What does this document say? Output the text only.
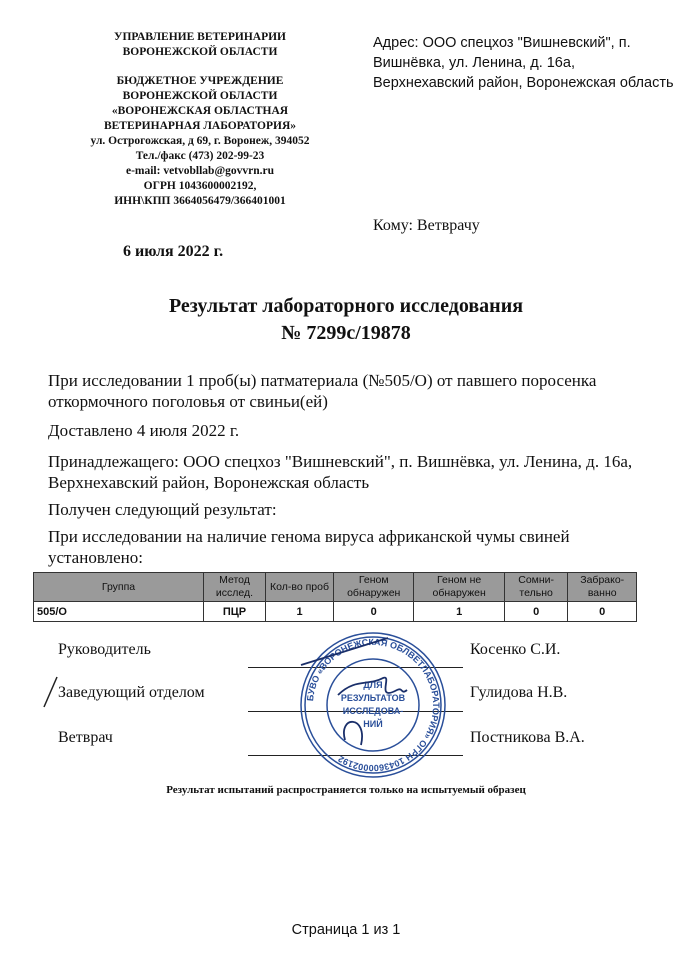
УПРАВЛЕНИЕ ВЕТЕРИНАРИИ
ВОРОНЕЖСКОЙ ОБЛАСТИ
БЮДЖЕТНОЕ УЧРЕЖДЕНИЕ
ВОРОНЕЖСКОЙ ОБЛАСТИ
«ВОРОНЕЖСКАЯ ОБЛАСТНАЯ
ВЕТЕРИНАРНАЯ ЛАБОРАТОРИЯ»
ул. Острогожская, д 69, г. Воронеж, 394052
Тел./факс (473) 202-99-23
e-mail: vetvobllab@govvrn.ru
ОГРН 1043600002192,
ИНН\КПП 3664056479/366401001
Адрес: ООО спецхоз "Вишневский", п. Вишнёвка, ул. Ленина, д. 16а, Верхнехавский район, Воронежская область
Кому: Ветврачу
6 июля 2022 г.
Результат лабораторного исследования
№ 7299с/19878
При исследовании 1 проб(ы) патматериала (№505/О) от павшего поросенка откормочного поголовья от свиньи(ей)
Доставлено 4 июля 2022 г.
Принадлежащего: ООО спецхоз "Вишневский", п. Вишнёвка, ул. Ленина, д. 16а, Верхнехавский район, Воронежская область
Получен следующий результат:
При исследовании на наличие генома вируса африканской чумы свиней установлено:
Группа	Метод исслед.	Кол-во проб	Геном обнаружен	Геном не обнаружен	Сомни-тельно	Забрако-ванно
505/О	ПЦР	1	0	1	0	0
Руководитель	Косенко С.И.
Заведующий отделом	Гулидова Н.В.
Ветврач	Постникова В.А.
БУВО «ВОРОНЕЖСКАЯ ОБЛВЕТЛАБОРАТОРИЯ» ОГРН 1043600002192
ДЛЯ
РЕЗУЛЬТАТОВ
ИССЛЕДОВА-
НИЙ
Результат испытаний распространяется только на испытуемый образец
Страница 1 из 1
